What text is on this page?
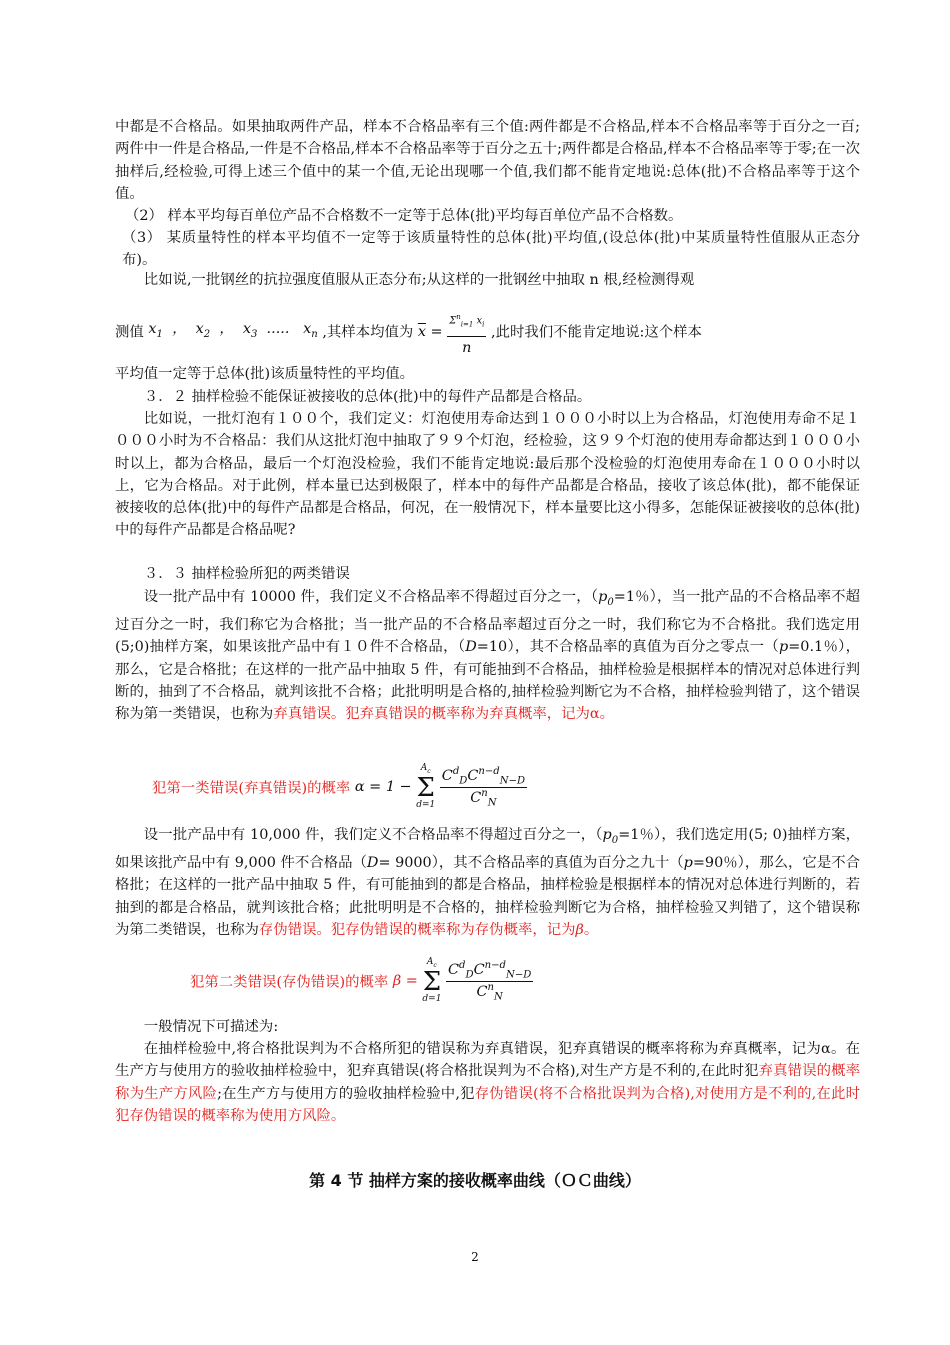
中都是不合格品。如果抽取两件产品，样本不合格品率有三个值:两件都是不合格品,样本不合格品率等于百分之一百;两件中一件是合格品,一件是不合格品,样本不合格品率等于百分之五十;两件都是合格品,样本不合格品率等于零;在一次抽样后,经检验,可得上述三个值中的某一个值,无论出现哪一个值,我们都不能肯定地说:总体(批)不合格品率等于这个值。

（2） 样本平均每百单位产品不合格数不一定等于总体(批)平均每百单位产品不合格数。

（3） 某质量特性的样本平均值不一定等于该质量特性的总体(批)平均值,(设总体(批)中某质量特性值服从正态分布)。

比如说,一批钢丝的抗拉强度值服从正态分布;从这样的一批钢丝中抽取 n 根,经检测得观

测值 $x_1$  ，  $x_2$  ，  $x_3$  .....   $x_n$ ,其样本均值为 $\overline{x} = \frac{\Sigma^n_{i=1} x_i}{n}$ ,此时我们不能肯定地说:这个样本

平均值一定等于总体(批)该质量特性的平均值。

３．２ 抽样检验不能保证被接收的总体(批)中的每件产品都是合格品。

比如说，一批灯泡有１００个，我们定义：灯泡使用寿命达到１０００小时以上为合格品，灯泡使用寿命不足１０００小时为不合格品：我们从这批灯泡中抽取了９９个灯泡，经检验，这９９个灯泡的使用寿命都达到１０００小时以上，都为合格品，最后一个灯泡没检验，我们不能肯定地说:最后那个没检验的灯泡使用寿命在１０００小时以上，它为合格品。对于此例，样本量已达到极限了，样本中的每件产品都是合格品，接收了该总体(批)，都不能保证被接收的总体(批)中的每件产品都是合格品，何况，在一般情况下，样本量要比这小得多，怎能保证被接收的总体(批)中的每件产品都是合格品呢?

３．３ 抽样检验所犯的两类错误

设一批产品中有 10000 件，我们定义不合格品率不得超过百分之一，（$p_0=1$％），当一批产品的不合格品率不超过百分之一时，我们称它为合格批；当一批产品的不合格品率超过百分之一时，我们称它为不合格批。我们选定用(5;0)抽样方案，如果该批产品中有１０件不合格品，（D=10），其不合格品率的真值为百分之零点一（p=0.1％），那么，它是合格批；在这样的一批产品中抽取 5 件，有可能抽到不合格品，抽样检验是根据样本的情况对总体进行判断的，抽到了不合格品，就判该批不合格；此批明明是合格的,抽样检验判断它为不合格，抽样检验判错了，这个错误称为第一类错误，也称为弃真错误。犯弃真错误的概率称为弃真概率，记为α。

犯第一类错误(弃真错误)的概率 α = 1 −
$A_c$
Σ
d=1
$\frac{C^d_DC^{n-d}_{N-D}}{C^n_N}$

设一批产品中有 10,000 件，我们定义不合格品率不得超过百分之一，（$p_0=1$％），我们选定用(5; 0)抽样方案，如果该批产品中有 9,000 件不合格品（D= 9000），其不合格品率的真值为百分之九十（p=90％），那么，它是不合格批；在这样的一批产品中抽取 5 件，有可能抽到的都是合格品，抽样检验是根据样本的情况对总体进行判断的，若抽到的都是合格品，就判该批合格；此批明明是不合格的，抽样检验判断它为合格，抽样检验又判错了，这个错误称为第二类错误，也称为存伪错误。犯存伪错误的概率称为存伪概率，记为β。

犯第二类错误(存伪错误)的概率 β =
$A_c$
Σ
d=1
$\frac{C^d_DC^{n-d}_{N-D}}{C^n_N}$

一般情况下可描述为:

在抽样检验中,将合格批误判为不合格所犯的错误称为弃真错误，犯弃真错误的概率将称为弃真概率，记为α。在生产方与使用方的验收抽样检验中，犯弃真错误(将合格批误判为不合格),对生产方是不利的,在此时犯弃真错误的概率称为生产方风险;在生产方与使用方的验收抽样检验中,犯存伪错误(将不合格批误判为合格),对使用方是不利的,在此时犯存伪错误的概率称为使用方风险。

第 4 节 抽样方案的接收概率曲线（ＯＣ曲线）
2
